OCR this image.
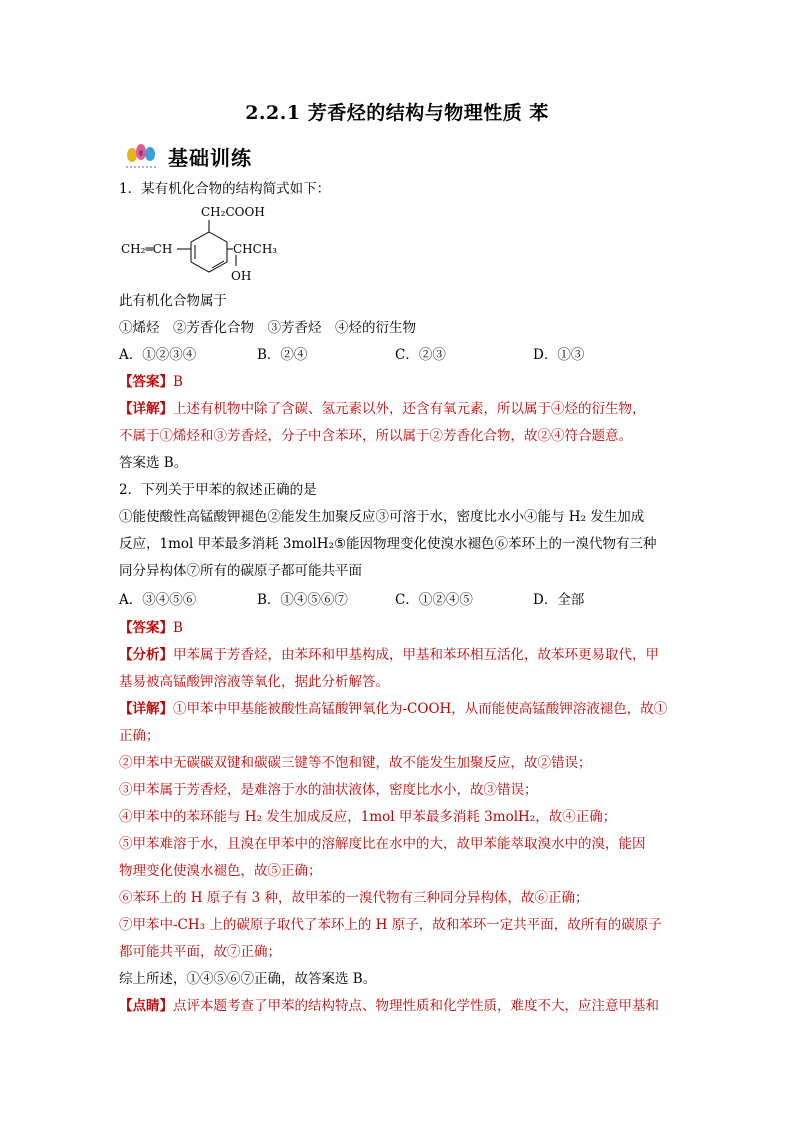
2.2.1 芳香烃的结构与物理性质 苯
基础训练
1．某有机化合物的结构简式如下：
CH₂COOH
CH₂═CH	CHCH₃
OH
此有机化合物属于
①烯烃　②芳香化合物　③芳香烃　④烃的衍生物
A．①②③④	B．②④	C．②③	D．①③
【答案】B
【详解】上述有机物中除了含碳、氢元素以外，还含有氧元素，所以属于④烃的衍生物，
不属于①烯烃和③芳香烃，分子中含苯环，所以属于②芳香化合物，故②④符合题意。
答案选 B。
2．下列关于甲苯的叙述正确的是
①能使酸性高锰酸钾褪色②能发生加聚反应③可溶于水，密度比水小④能与 H₂ 发生加成
反应，1mol 甲苯最多消耗 3molH₂⑤能因物理变化使溴水褪色⑥苯环上的一溴代物有三种
同分异构体⑦所有的碳原子都可能共平面
A．③④⑤⑥	B．①④⑤⑥⑦	C．①②④⑤	D．全部
【答案】B
【分析】甲苯属于芳香烃，由苯环和甲基构成，甲基和苯环相互活化，故苯环更易取代，甲
基易被高锰酸钾溶液等氧化，据此分析解答。
【详解】①甲苯中甲基能被酸性高锰酸钾氧化为-COOH，从而能使高锰酸钾溶液褪色，故①
正确；
②甲苯中无碳碳双键和碳碳三键等不饱和键，故不能发生加聚反应，故②错误；
③甲苯属于芳香烃，是难溶于水的油状液体，密度比水小，故③错误；
④甲苯中的苯环能与 H₂ 发生加成反应，1mol 甲苯最多消耗 3molH₂，故④正确；
⑤甲苯难溶于水，且溴在甲苯中的溶解度比在水中的大，故甲苯能萃取溴水中的溴，能因
物理变化使溴水褪色，故⑤正确；
⑥苯环上的 H 原子有 3 种，故甲苯的一溴代物有三种同分异构体，故⑥正确；
⑦甲苯中-CH₃ 上的碳原子取代了苯环上的 H 原子，故和苯环一定共平面，故所有的碳原子
都可能共平面，故⑦正确；
综上所述，①④⑤⑥⑦正确，故答案选 B。
【点睛】点评本题考查了甲苯的结构特点、物理性质和化学性质，难度不大，应注意甲基和
